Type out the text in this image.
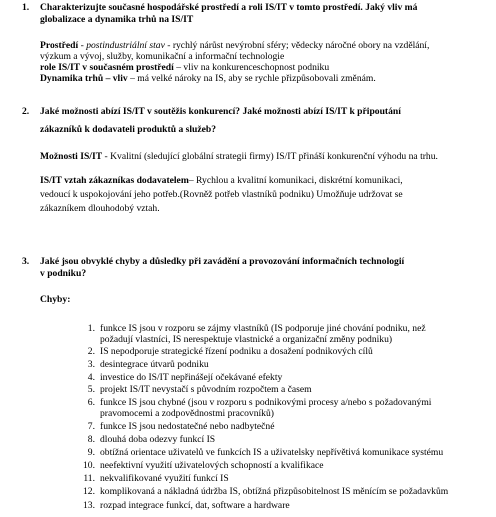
1. Charakterizujte současné hospodářské prostředí a roli IS/IT v tomto prostředí. Jaký vliv má
globalizace a dynamika trhů na IS/IT
Prostředí - postindustriální stav - rychlý nárůst nevýrobní sféry; vědecky náročné obory na vzdělání,
výzkum a vývoj, služby, komunikační a informační technologie
role IS/IT v současném prostředí – vliv na konkurenceschopnost podniku
Dynamika trhů – vliv – má velké nároky na IS, aby se rychle přizpůsobovali změnám.
2. Jaké možnosti abízí IS/IT v soutěžis konkurencí? Jaké možnosti abízí IS/IT k připoutání
zákazníků k dodavateli produktů a služeb?
Možnosti IS/IT - Kvalitní (sledující globální strategii firmy) IS/IT přináší konkurenční výhodu na trhu.
IS/IT vztah zákazníkas dodavatelem– Rychlou a kvalitní komunikaci, diskrétní komunikaci,
vedoucí k uspokojování jeho potřeb.(Rovněž potřeb vlastníků podniku) Umožňuje udržovat se
zákazníkem dlouhodobý vztah.
3. Jaké jsou obvyklé chyby a důsledky při zavádění a provozování informačních technologií
v podniku?
Chyby:
1. funkce IS jsou v rozporu se zájmy vlastníků (IS podporuje jiné chování podniku, než
požadují vlastníci, IS nerespektuje vlastnické a organizační změny podniku)
2. IS nepodporuje strategické řízení podniku a dosažení podnikových cílů
3. desintegrace útvarů podniku
4. investice do IS/IT nepřinášejí očekávané efekty
5. projekt IS/IT nevystačí s původním rozpočtem a časem
6. funkce IS jsou chybné (jsou v rozporu s podnikovými procesy a/nebo s požadovanými
pravomocemi a zodpovědnostmi pracovníků)
7. funkce IS jsou nedostatečné nebo nadbytečné
8. dlouhá doba odezvy funkcí IS
9. obtížná orientace uživatelů ve funkcích IS a uživatelsky nepřívětivá komunikace systému
10. neefektivní využití uživatelových schopností a kvalifikace
11. nekvalifikované využití funkcí IS
12. komplikovaná a nákladná údržba IS, obtížná přizpůsobitelnost IS měnícím se požadavkům
13. rozpad integrace funkcí, dat, software a hardware
